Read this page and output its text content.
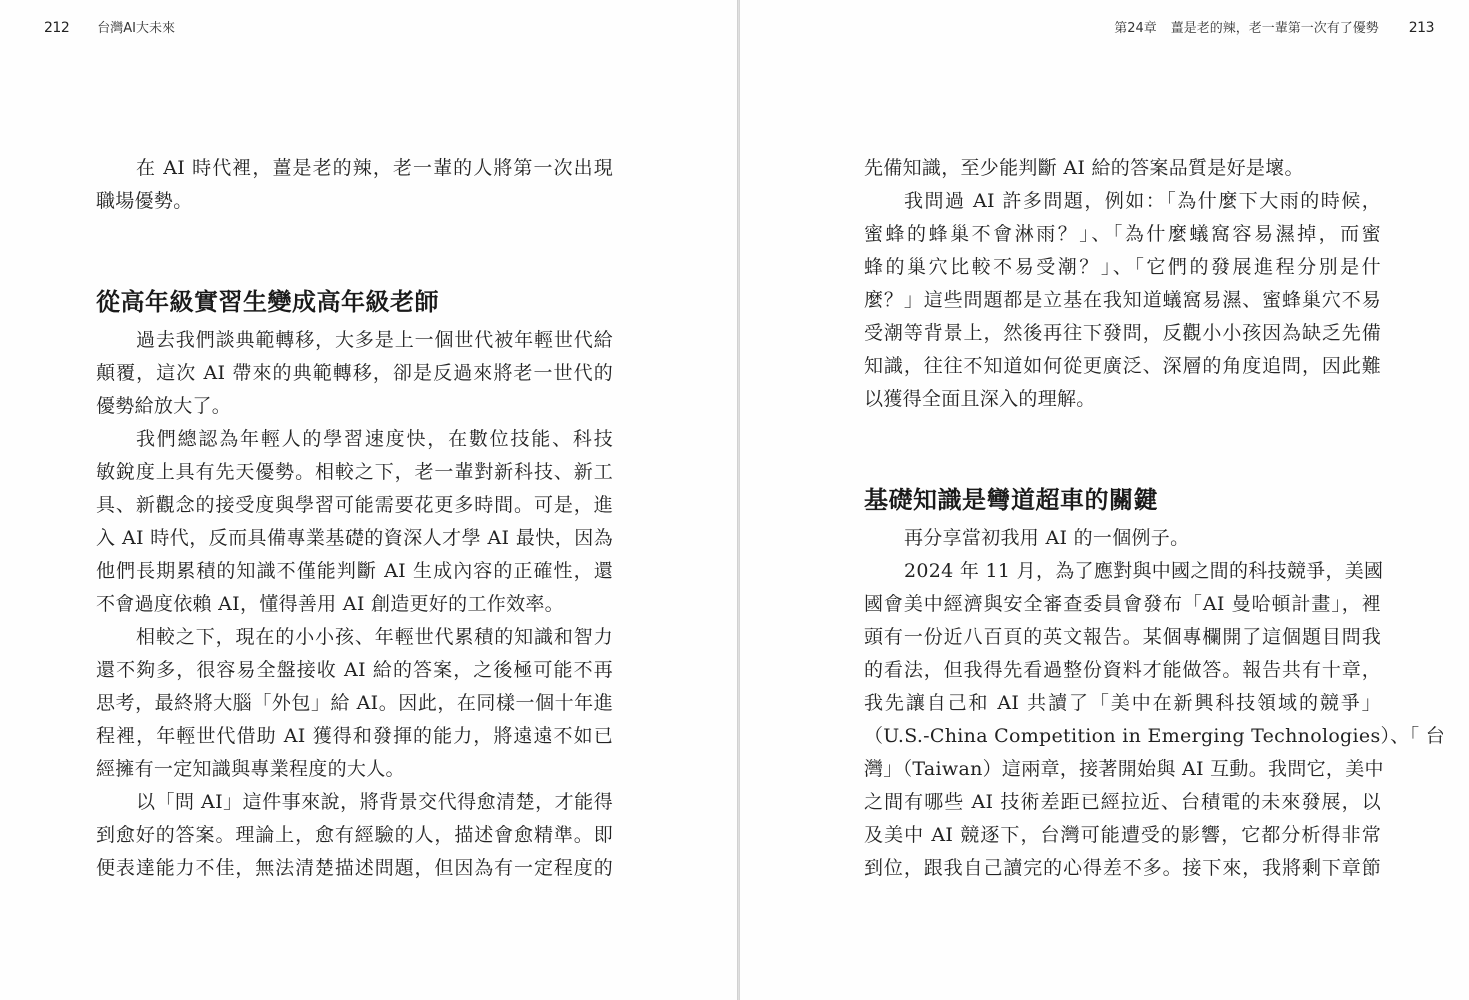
212 台灣AI大未來
在 AI 時代裡，薑是老的辣，老一輩的人將第一次出現
職場優勢。
從高年級實習生變成高年級老師
過去我們談典範轉移，大多是上一個世代被年輕世代給
顛覆，這次 AI 帶來的典範轉移，卻是反過來將老一世代的
優勢給放大了。
我們總認為年輕人的學習速度快，在數位技能、科技
敏銳度上具有先天優勢。相較之下，老一輩對新科技、新工
具、新觀念的接受度與學習可能需要花更多時間。可是，進
入 AI 時代，反而具備專業基礎的資深人才學 AI 最快，因為
他們長期累積的知識不僅能判斷 AI 生成內容的正確性，還
不會過度依賴 AI，懂得善用 AI 創造更好的工作效率。
相較之下，現在的小小孩、年輕世代累積的知識和智力
還不夠多，很容易全盤接收 AI 給的答案，之後極可能不再
思考，最終將大腦「外包」給 AI。因此，在同樣一個十年進
程裡，年輕世代借助 AI 獲得和發揮的能力，將遠遠不如已
經擁有一定知識與專業程度的大人。
以「問 AI」這件事來說，將背景交代得愈清楚，才能得
到愈好的答案。理論上，愈有經驗的人，描述會愈精準。即
便表達能力不佳，無法清楚描述問題，但因為有一定程度的
第24章 薑是老的辣，老一輩第一次有了優勢 213
先備知識，至少能判斷 AI 給的答案品質是好是壞。
我問過 AI 許多問題，例如：「為什麼下大雨的時候，
蜜蜂的蜂巢不會淋雨？」、「為什麼蟻窩容易濕掉，而蜜
蜂的巢穴比較不易受潮？」、「它們的發展進程分別是什
麼？」這些問題都是立基在我知道蟻窩易濕、蜜蜂巢穴不易
受潮等背景上，然後再往下發問，反觀小小孩因為缺乏先備
知識，往往不知道如何從更廣泛、深層的角度追問，因此難
以獲得全面且深入的理解。
基礎知識是彎道超車的關鍵
再分享當初我用 AI 的一個例子。
2024 年 11 月，為了應對與中國之間的科技競爭，美國
國會美中經濟與安全審查委員會發布「AI 曼哈頓計畫」，裡
頭有一份近八百頁的英文報告。某個專欄開了這個題目問我
的看法，但我得先看過整份資料才能做答。報告共有十章，
我先讓自己和 AI 共讀了「美中在新興科技領域的競爭」
（U.S.-China Competition in Emerging Technologies）、「 台
灣」（Taiwan）這兩章，接著開始與 AI 互動。我問它，美中
之間有哪些 AI 技術差距已經拉近、台積電的未來發展，以
及美中 AI 競逐下，台灣可能遭受的影響，它都分析得非常
到位，跟我自己讀完的心得差不多。接下來，我將剩下章節
